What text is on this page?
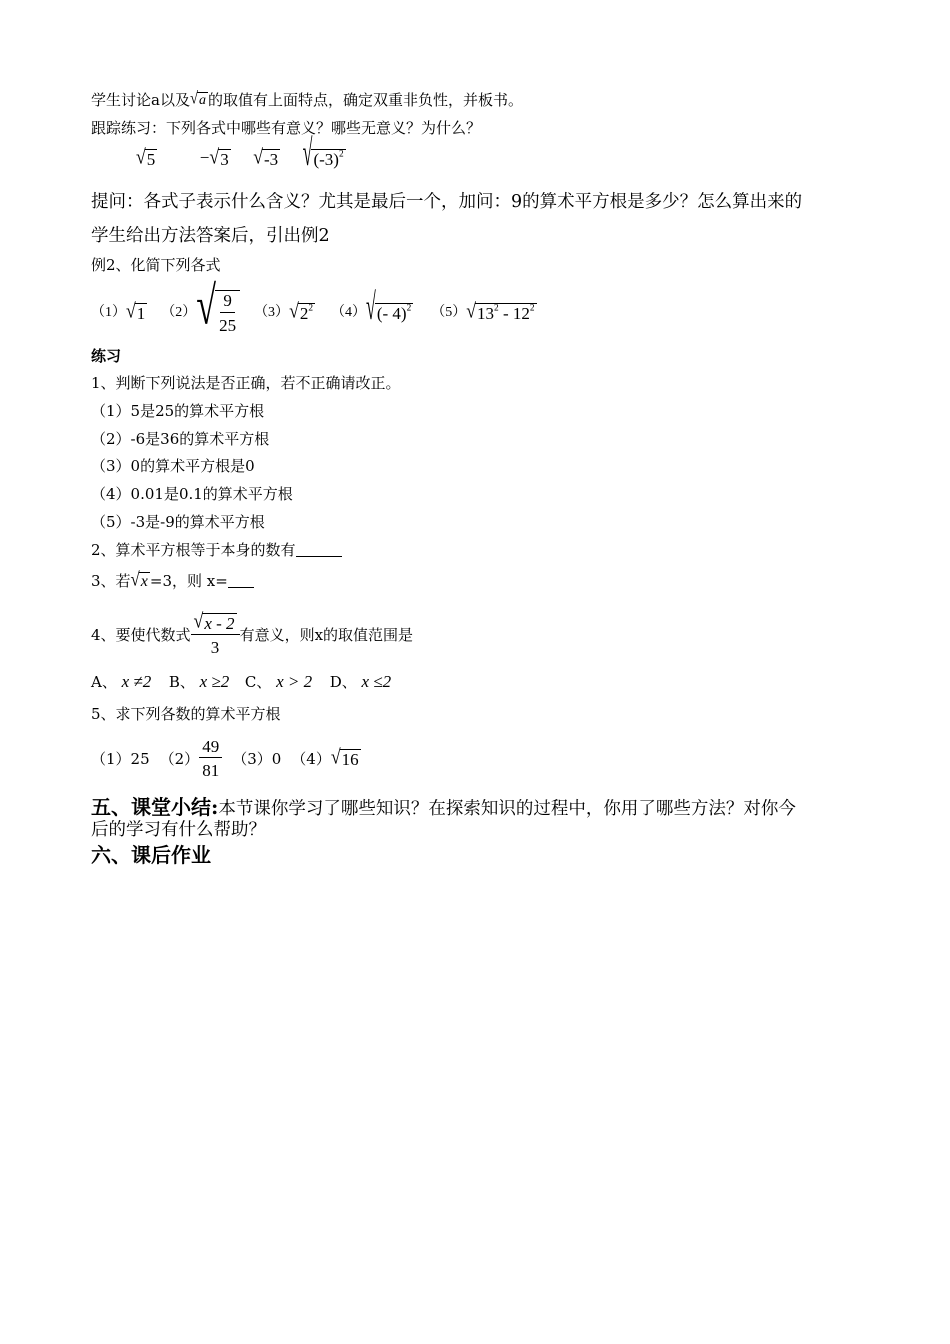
学生讨论a以及 √ a 的取值有上面特点，确定双重非负性，并板书。
跟踪练习：下列各式中哪些有意义？哪些无意义？为什么？
√ 5	− √ 3
√ -3
√ $(-3)^2$
提问：各式子表示什么含义？尤其是最后一个，加问：9的算术平方根是多少？怎么算出来的
学生给出方法答案后，引出例2
例2、化简下列各式
（1） √ 1 （2） √ $\frac{9}{25} (3)$ √ $2^2$ （4） √ (- 4)$^2$ （5） √ $13^2 - 12^2$
练习
1、判断下列说法是否正确，若不正确请改正。
（1）5是25的算术平方根
（2）-6是36的算术平方根
（3）0的算术平方根是0
（4）0.01是0.1的算术平方根
（5）-3是-9的算术平方根
2、算术平方根等于本身的数有
3、若 √ x =3，则 x=
4、要使代数式 $\frac{√ x - 2}{3}$ 有意义，则x的取值范围是
A、 x ≠2 B、 x ≥2 C、 x > 2 D、 x ≤2
5、求下列各数的算术平方根
（1）25 $(2) \frac{49}{81} (3)0$ （4） √ 16
五、课堂小结:本节课你学习了哪些知识？在探索知识的过程中，你用了哪些方法？对你今
后的学习有什么帮助？
六、课后作业
